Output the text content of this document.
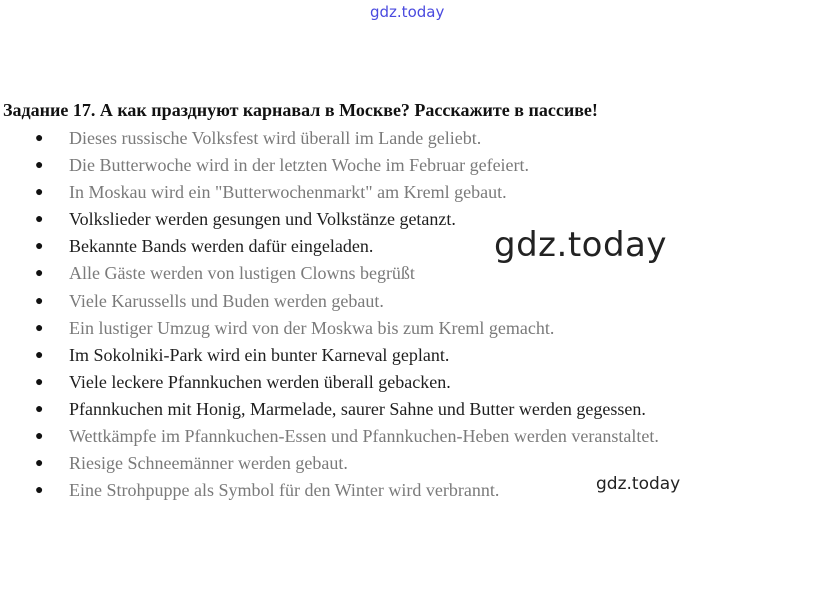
gdz.today
Задание 17. А как празднуют карнавал в Москве? Расскажите в пассиве!
● Dieses russische Volksfest wird überall im Lande geliebt.
● Die Butterwoche wird in der letzten Woche im Februar gefeiert.
● In Moskau wird ein "Butterwochenmarkt" am Kreml gebaut.
● Volkslieder werden gesungen und Volkstänze getanzt.
● Bekannte Bands werden dafür eingeladen.
● Alle Gäste werden von lustigen Clowns begrüßt
● Viele Karussells und Buden werden gebaut.
● Ein lustiger Umzug wird von der Moskwa bis zum Kreml gemacht.
● Im Sokolniki-Park wird ein bunter Karneval geplant.
● Viele leckere Pfannkuchen werden überall gebacken.
● Pfannkuchen mit Honig, Marmelade, saurer Sahne und Butter werden gegessen.
● Wettkämpfe im Pfannkuchen-Essen und Pfannkuchen-Heben werden veranstaltet.
● Riesige Schneemänner werden gebaut.
● Eine Strohpuppe als Symbol für den Winter wird verbrannt.
gdz.today
gdz.today
